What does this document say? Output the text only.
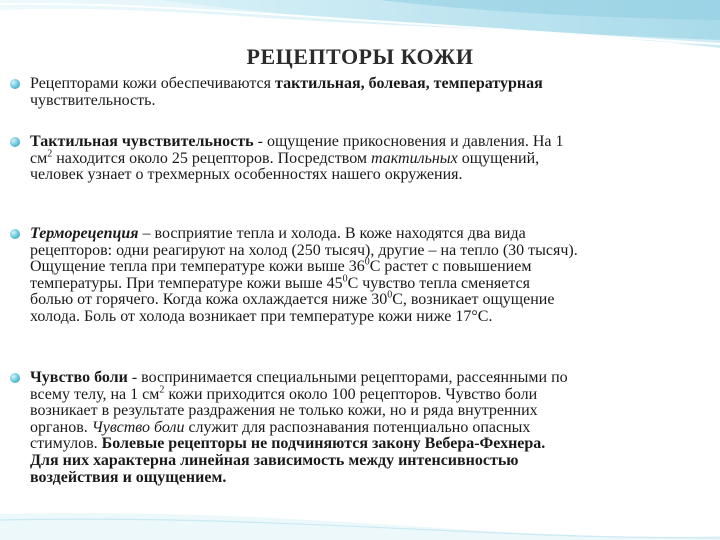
РЕЦЕПТОРЫ КОЖИ
Рецепторами кожи обеспечиваются тактильная, болевая, температурная
чувствительность.
Тактильная чувствительность - ощущение прикосновения и давления. На 1
$см^2$ находится около 25 рецепторов. Посредством тактильных ощущений,
человек узнает о трехмерных особенностях нашего окружения.
Терморецепция – восприятие тепла и холода. В коже находятся два вида
рецепторов: одни реагируют на холод (250 тысяч), другие – на тепло (30 тысяч).
Ощущение тепла при температуре кожи выше $36^0С$ растет с повышением
температуры. При температуре кожи выше $45^0С$ чувство тепла сменяется
болью от горячего. Когда кожа охлаждается ниже $30^0С$, возникает ощущение
холода. Боль от холода возникает при температуре кожи ниже 17°С.
Чувство боли - воспринимается специальными рецепторами, рассеянными по
всему телу, на 1 $см^2$ кожи приходится около 100 рецепторов. Чувство боли
возникает в результате раздражения не только кожи, но и ряда внутренних
органов. Чувство боли служит для распознавания потенциально опасных
стимулов. Болевые рецепторы не подчиняются закону Вебера-Фехнера.
Для них характерна линейная зависимость между интенсивностью
воздействия и ощущением.
